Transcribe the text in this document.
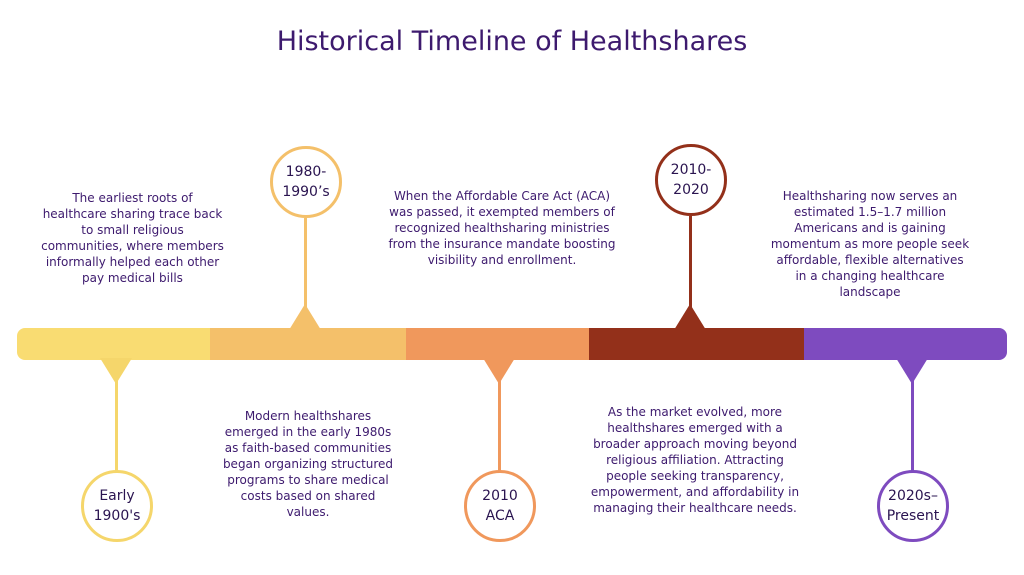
Historical Timeline of Healthshares
Early 1900's
The earliest roots of healthcare sharing trace back to small religious communities, where members informally helped each other pay medical bills
1980-
1990’s
Modern healthshares emerged in the early 1980s as faith-based communities began organizing structured programs to share medical costs based on shared values.
2010
ACA
When the Affordable Care Act (ACA) was passed, it exempted members of recognized healthsharing ministries from the insurance mandate boosting visibility and enrollment.
2010-
2020
As the market evolved, more healthshares emerged with a broader approach moving beyond religious affiliation. Attracting people seeking transparency, empowerment, and affordability in managing their healthcare needs.
2020s–
Present
Healthsharing now serves an estimated 1.5–1.7 million Americans and is gaining momentum as more people seek affordable, flexible alternatives in a changing healthcare landscape
